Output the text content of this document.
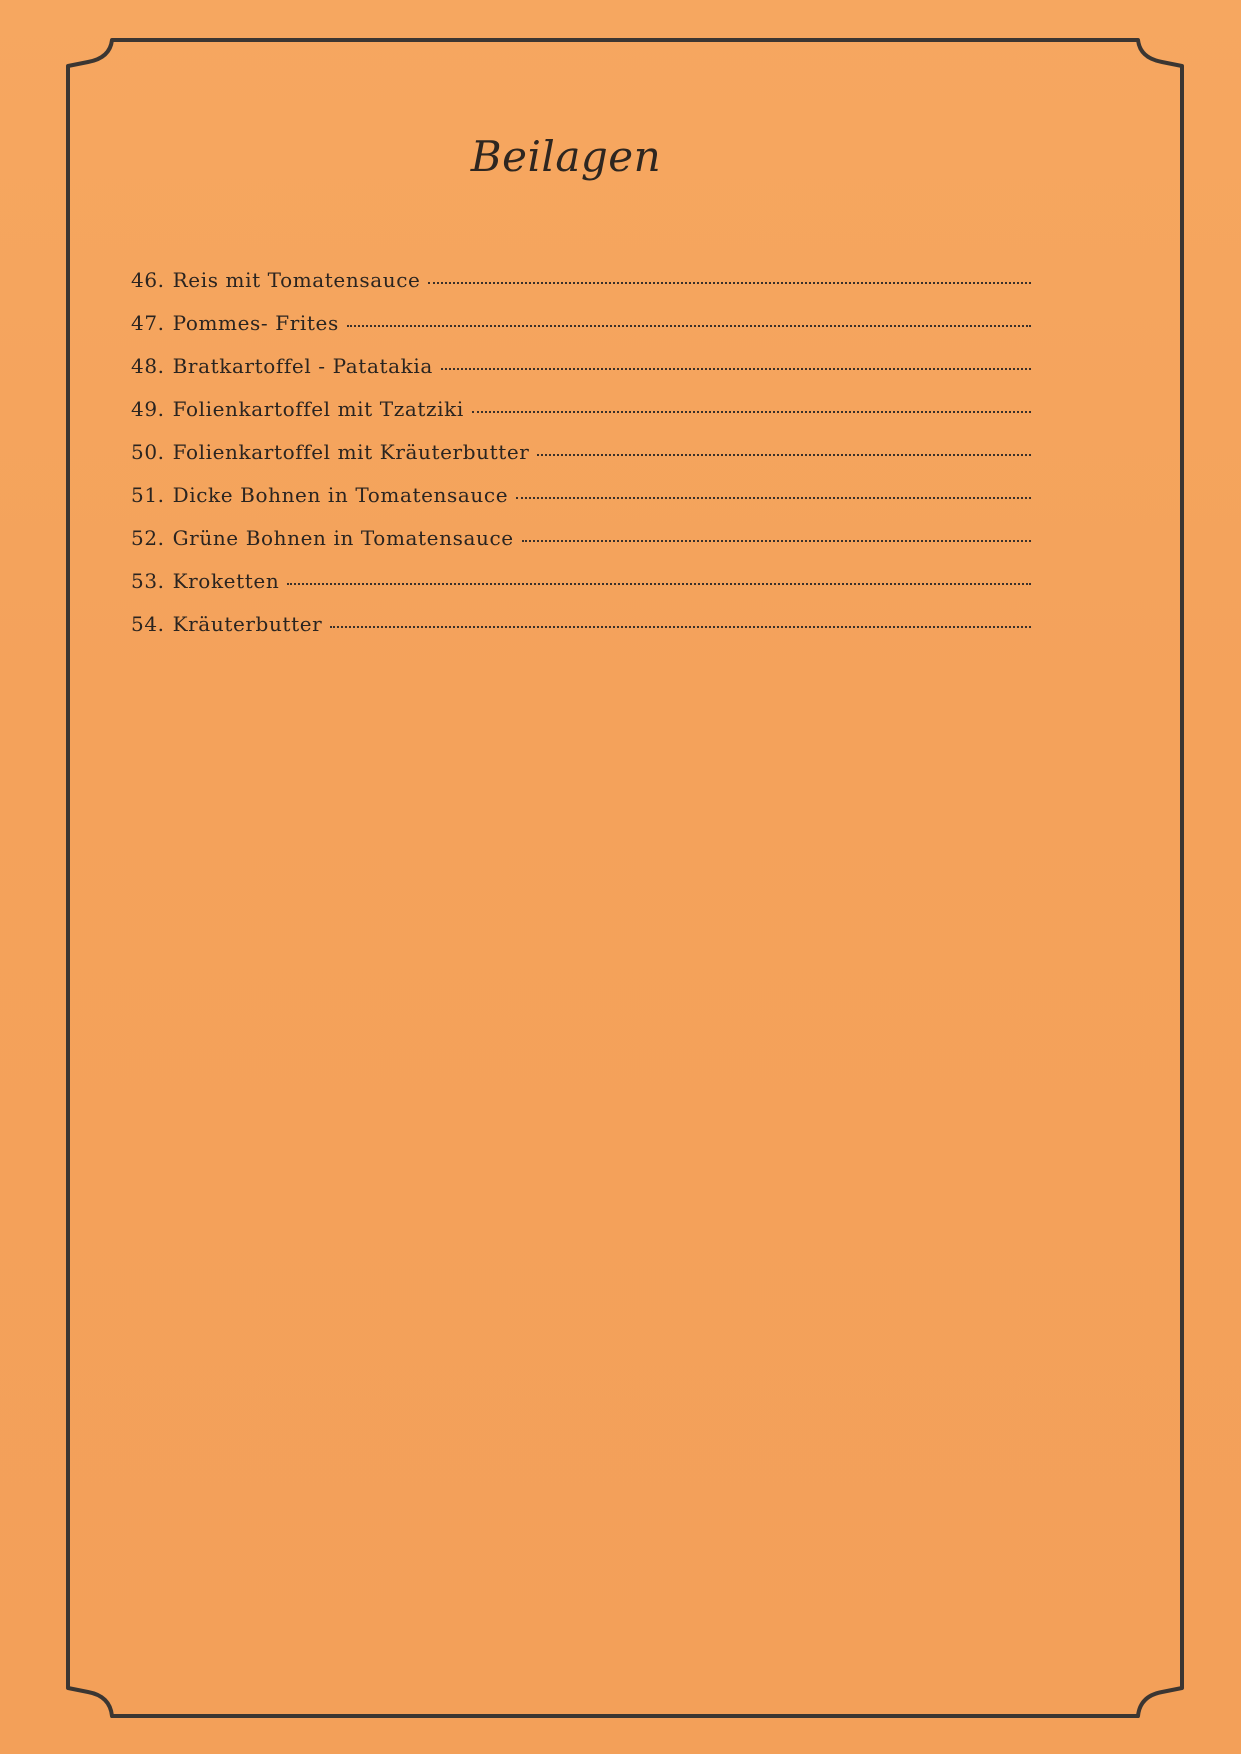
Beilagen
46. Reis mit Tomatensauce
47. Pommes- Frites
48. Bratkartoffel - Patatakia
49. Folienkartoffel mit Tzatziki
50. Folienkartoffel mit Kräuterbutter
51. Dicke Bohnen in Tomatensauce
52. Grüne Bohnen in Tomatensauce
53. Kroketten
54. Kräuterbutter
